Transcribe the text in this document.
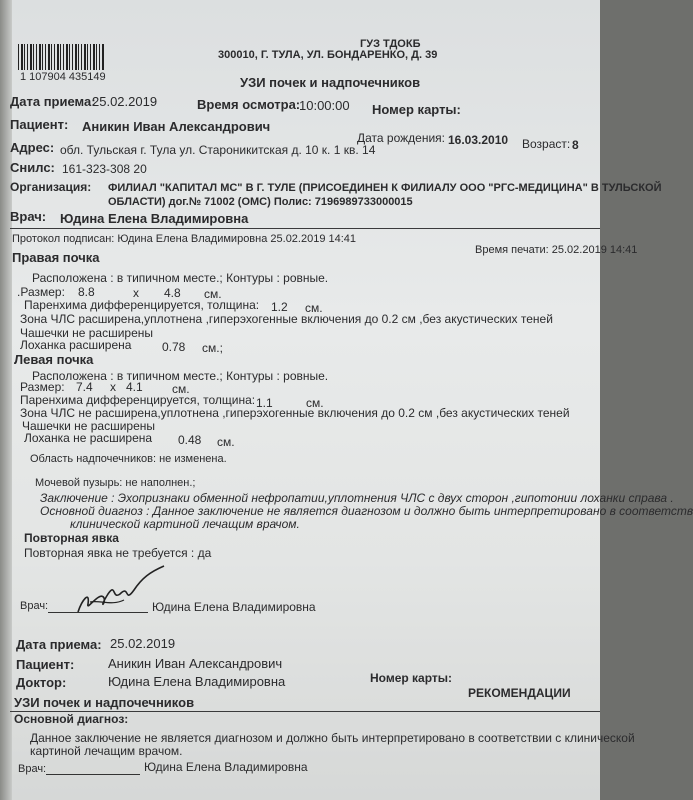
ГУЗ ТДОКБ
300010, Г. ТУЛА, УЛ. БОНДАРЕНКО, Д. 39
1 107904 435149	УЗИ почек и надпочечников
Дата приема:
25.02.2019	Время осмотра:
10:00:00 Номер карты:
Пациент: Аникин Иван Александрович
Дата рождения: 16.03.2010 Возраст: 8
Адрес: обл. Тульская г. Тула ул. Староникитская д. 10 к. 1 кв. 14
Снилс: 161-323-308 20
Организация: ФИЛИАЛ "КАПИТАЛ МС" В Г. ТУЛЕ (ПРИСОЕДИНЕН К ФИЛИАЛУ ООО "РГС-МЕДИЦИНА" В ТУЛЬСКОЙ
ОБЛАСТИ) дог.№ 71002 (ОМС) Полис: 7196989733000015
Врач: Юдина Елена Владимировна
Протокол подписан: Юдина Елена Владимировна 25.02.2019 14:41
Время печати: 25.02.2019 14:41
Правая почка
Расположена : в типичном месте.; Контуры : ровные.
.Размер: 8.8	х 4.8 см.
Паренхима дифференцируется, толщина: 1.2 см.
Зона ЧЛС расширена,уплотнена ,гиперэхогенные включения до 0.2 см ,без акустических теней
Чашечки не расширены
Лоханка расширена	0.78 см.;
Левая почка
Расположена : в типичном месте.; Контуры : ровные.
Размер: 7.4 х 4.1 см.
Паренхима дифференцируется, толщина: 1.1	см.
Зона ЧЛС не расширена,уплотнена ,гиперэхогенные включения до 0.2 см ,без акустических теней
Чашечки не расширены
Лоханка не расширена 0.48 см.
Область надпочечников: не изменена.
Мочевой пузырь: не наполнен.;
Заключение : Эхопризнаки обменной нефропатии,уплотнения ЧЛС с двух сторон ,гипотонии лоханки справа .
Основной диагноз : Данное заключение не является диагнозом и должно быть интерпретировано в соответств
клинической картиной лечащим врачом.
Повторная явка
Повторная явка не требуется : да
Врач:	Юдина Елена Владимировна
Дата приема: 25.02.2019
Пациент:	Аникин Иван Александрович
Доктор:	Юдина Елена Владимировна	Номер карты:
РЕКОМЕНДАЦИИ
УЗИ почек и надпочечников
Основной диагноз:
Данное заключение не является диагнозом и должно быть интерпретировано в соответствии с клинической
картиной лечащим врачом.
Врач:	Юдина Елена Владимировна
